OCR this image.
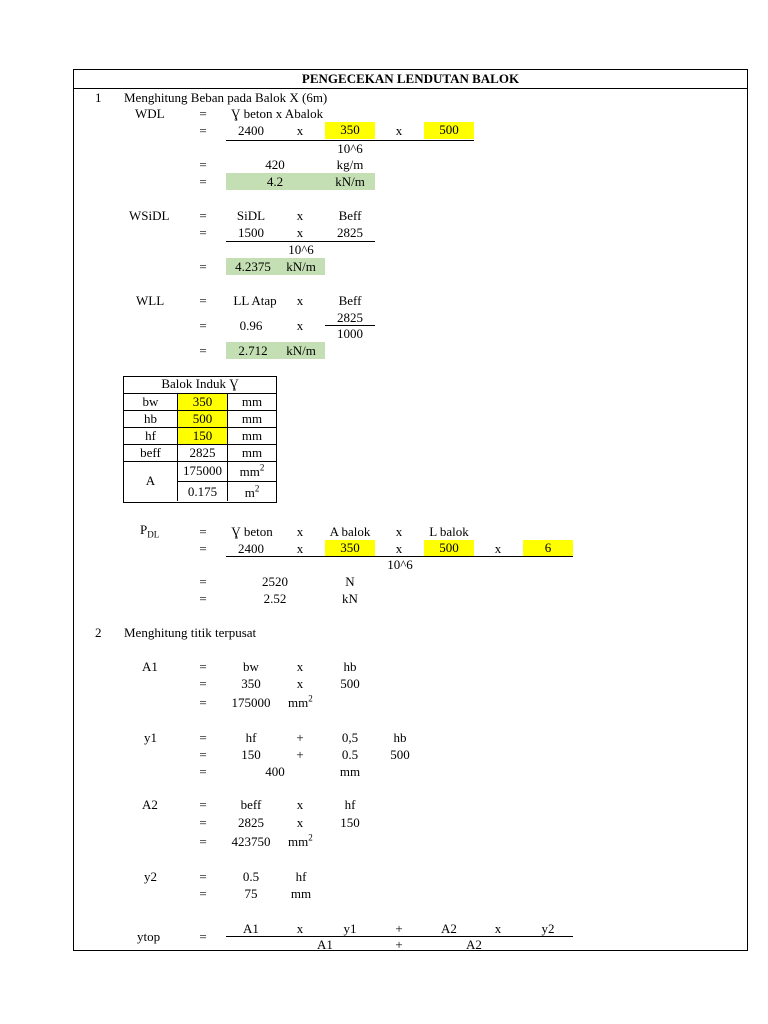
PENGECEKAN LENDUTAN BALOK
1 Menghitung Beban pada Balok X (6m)
WDL	=	Ɣ beton x Abalok
=	2400	x	350	x	500
10^6
=	420	kg/m
=	4.2	kN/m
WSiDL	=	SiDL	x	Beff
=	1500	x	2825
10^6
=	4.2375	kN/m
WLL	=	LL Atap	x	Beff
=	0.96	x
2825
1000
=	2.712	kN/m
Balok Induk Ɣ
bw	350	mm
hb	500	mm
hf	150	mm
beff	2825	mm
A
175000	$mm^2$
0.175	$m^2$
$P_{DL}$	=	Ɣ beton	x	A balok	x	L balok
=	2400	x	350	x	500	x	6
10^6
=	2520	N
=	2.52	kN
2 Menghitung titik terpusat
A1	=	bw	x	hb
=	350	x	500
=	175000	$mm^2$
y1	=	hf	+	0,5	hb
=	150	+	0.5	500
=	400	mm
A2	=	beff	x	hf
=	2825	x	150
=	423750	$mm^2$
y2	=	0.5	hf
=	75	mm
ytop	=
A1	x	y1	+	A2	x	y2
A1	+	A2
